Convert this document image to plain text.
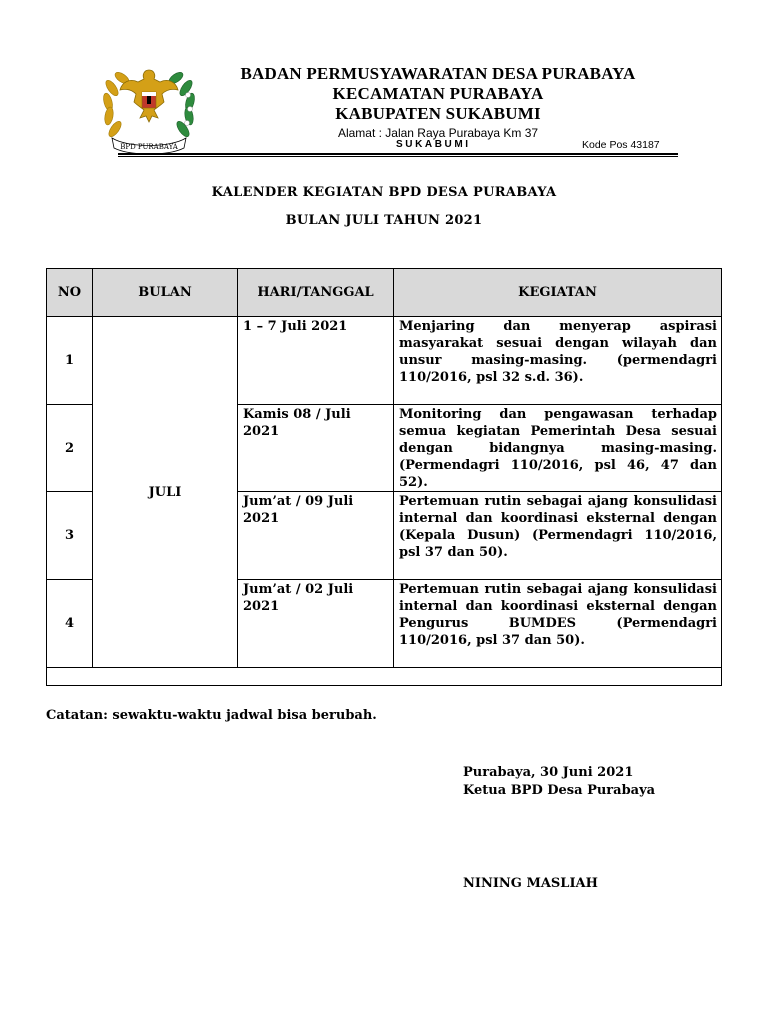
BPD PURABAYA
BADAN PERMUSYAWARATAN DESA PURABAYA
KECAMATAN PURABAYA
KABUPATEN SUKABUMI
Alamat : Jalan Raya Purabaya Km 37
SUKABUMI	Kode Pos 43187
KALENDER KEGIATAN BPD DESA PURABAYA
BULAN JULI TAHUN 2021
NO	BULAN	HARI/TANGGAL	KEGIATAN
1	JULI	1 – 7 Juli 2021	Menjaring dan menyerap aspirasi masyarakat sesuai dengan wilayah dan unsur masing-masing. (permendagri 110/2016, psl 32 s.d. 36).
2		Kamis 08 / Juli 2021	Monitoring dan pengawasan terhadap semua kegiatan Pemerintah Desa sesuai dengan bidangnya masing-masing. (Permendagri 110/2016, psl 46, 47 dan 52).
3		Jum’at / 09 Juli 2021	Pertemuan rutin sebagai ajang konsulidasi internal dan koordinasi eksternal dengan (Kepala Dusun) (Permendagri 110/2016, psl 37 dan 50).
4		Jum’at / 02 Juli 2021	Pertemuan rutin sebagai ajang konsulidasi internal dan koordinasi eksternal dengan Pengurus BUMDES (Permendagri 110/2016, psl 37 dan 50).

Catatan: sewaktu-waktu jadwal bisa berubah.
Purabaya, 30 Juni 2021
Ketua BPD Desa Purabaya
NINING MASLIAH
